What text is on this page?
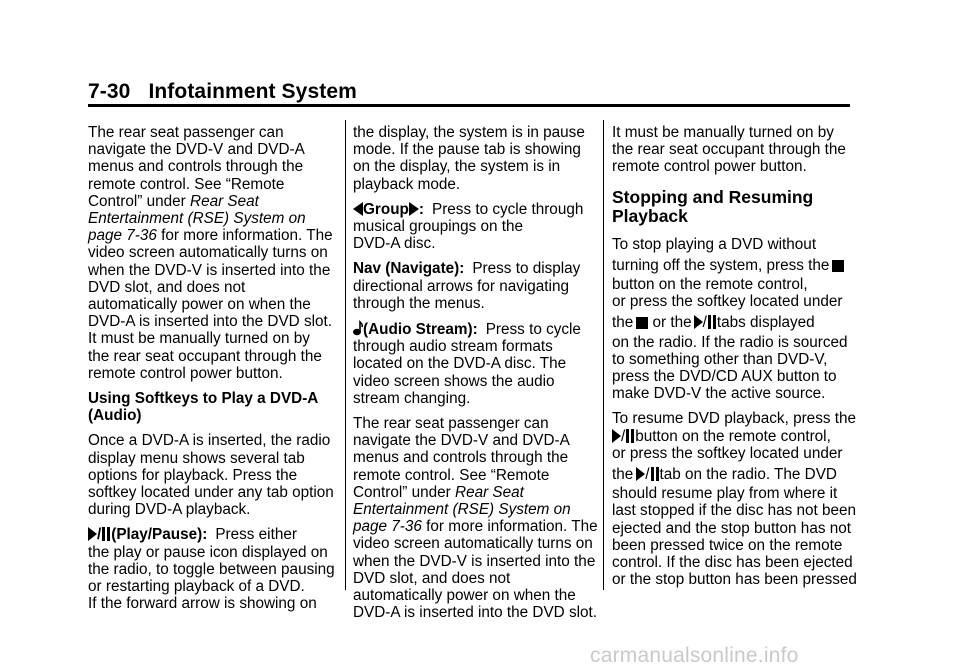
7-30 Infotainment System

The rear seat passenger can
navigate the DVD-V and DVD-A
menus and controls through the
remote control. See “Remote
Control” under Rear Seat
Entertainment (RSE) System on
page 7-36 for more information. The
video screen automatically turns on
when the DVD-V is inserted into the
DVD slot, and does not
automatically power on when the
DVD-A is inserted into the DVD slot.
It must be manually turned on by
the rear seat occupant through the
remote control power button.

Using Softkeys to Play a DVD-A
(Audio)

Once a DVD-A is inserted, the radio
display menu shows several tab
options for playback. Press the
softkey located under any tab option
during DVD-A playback.

/ (Play/Pause): Press either
the play or pause icon displayed on
the radio, to toggle between pausing
or restarting playback of a DVD.
If the forward arrow is showing on

the display, the system is in pause
mode. If the pause tab is showing
on the display, the system is in
playback mode.

Group : Press to cycle through
musical groupings on the
DVD-A disc.

Nav (Navigate): Press to display
directional arrows for navigating
through the menus.

(Audio Stream): Press to cycle
through audio stream formats
located on the DVD-A disc. The
video screen shows the audio
stream changing.

The rear seat passenger can
navigate the DVD-V and DVD-A
menus and controls through the
remote control. See “Remote
Control” under Rear Seat
Entertainment (RSE) System on
page 7-36 for more information. The
video screen automatically turns on
when the DVD-V is inserted into the
DVD slot, and does not
automatically power on when the
DVD-A is inserted into the DVD slot.

It must be manually turned on by
the rear seat occupant through the
remote control power button.

Stopping and Resuming
Playback

To stop playing a DVD without
turning off the system, press the
button on the remote control,
or press the softkey located under
the or the / tabs displayed
on the radio. If the radio is sourced
to something other than DVD-V,
press the DVD/CD AUX button to
make DVD-V the active source.

To resume DVD playback, press the
/ button on the remote control,
or press the softkey located under
the / tab on the radio. The DVD
should resume play from where it
last stopped if the disc has not been
ejected and the stop button has not
been pressed twice on the remote
control. If the disc has been ejected
or the stop button has been pressed

carmanualsonline.info
